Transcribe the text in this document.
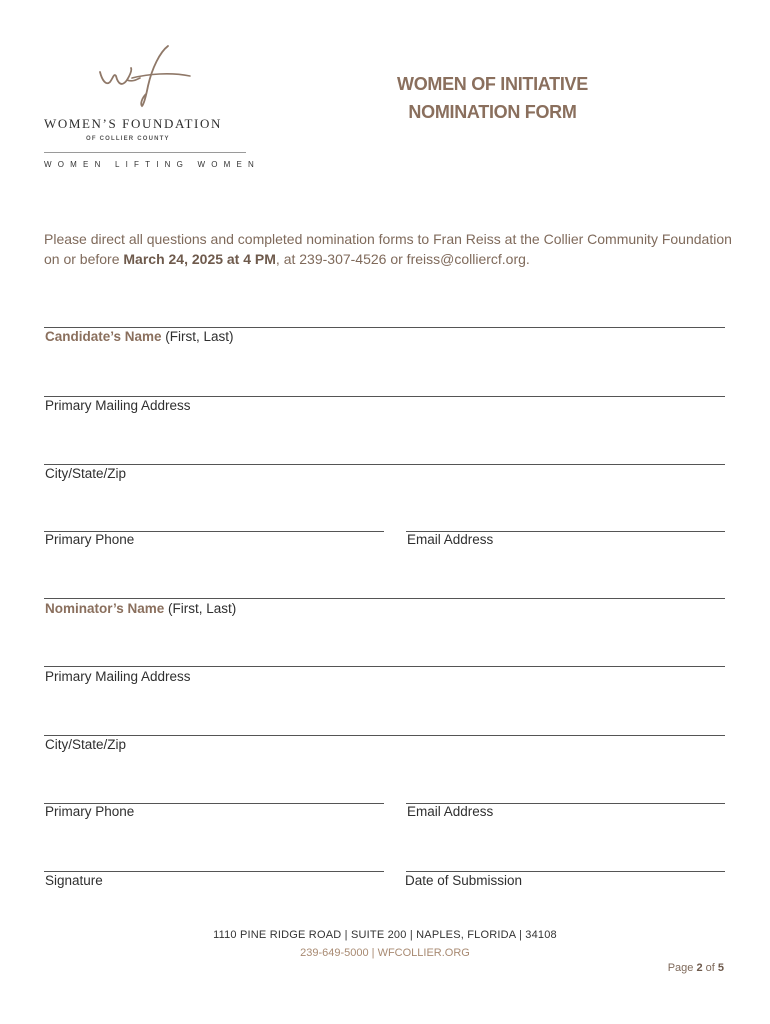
WOMEN’S FOUNDATION
OF COLLIER COUNTY
WOMEN LIFTING WOMEN
WOMEN OF INITIATIVE
NOMINATION FORM
Please direct all questions and completed nomination forms to Fran Reiss at the Collier Community Foundation on or before March 24, 2025 at 4 PM, at 239-307-4526 or freiss@colliercf.org.
Candidate’s Name (First, Last)
Primary Mailing Address
City/State/Zip
Primary Phone	Email Address
Nominator’s Name (First, Last)
Primary Mailing Address
City/State/Zip
Primary Phone	Email Address
Signature	Date of Submission
1110 PINE RIDGE ROAD | SUITE 200 | NAPLES, FLORIDA | 34108
239-649-5000 | WFCOLLIER.ORG
Page 2 of 5
